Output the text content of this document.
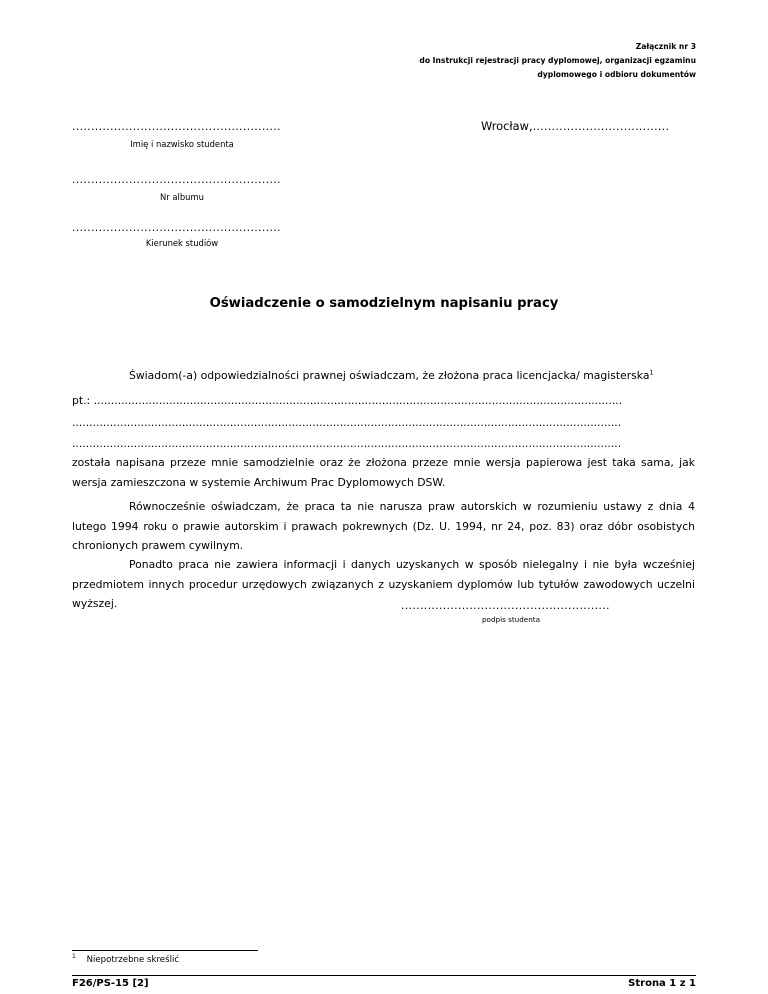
Załącznik nr 3
do Instrukcji rejestracji pracy dyplomowej, organizacji egzaminu
dyplomowego i odbioru dokumentów
.......................................................
Imię i nazwisko studenta
.......................................................
Nr albumu
.......................................................
Kierunek studiów
Wrocław,....................................
Oświadczenie o samodzielnym napisaniu pracy
Świadom(-a) odpowiedzialności prawnej oświadczam, że złożona praca licencjacka/ magisterska$^1$
pt.: ..........................................................................................................................................................
................................................................................................................................................................
................................................................................................................................................................
została napisana przeze mnie samodzielnie oraz że złożona przeze mnie wersja papierowa jest taka sama, jak wersja zamieszczona w systemie Archiwum Prac Dyplomowych DSW.
Równocześnie oświadczam, że praca ta nie narusza praw autorskich w rozumieniu ustawy z dnia 4 lutego 1994 roku o prawie autorskim i prawach pokrewnych (Dz. U. 1994, nr 24, poz. 83) oraz dóbr osobistych chronionych prawem cywilnym.
Ponadto praca nie zawiera informacji i danych uzyskanych w sposób nielegalny i nie była wcześniej przedmiotem innych procedur urzędowych związanych z uzyskaniem dyplomów lub tytułów zawodowych uczelni wyższej.	.......................................................
podpis studenta
$^1$ Niepotrzebne skreślić
F26/PS-15 [2]	Strona 1 z 1
